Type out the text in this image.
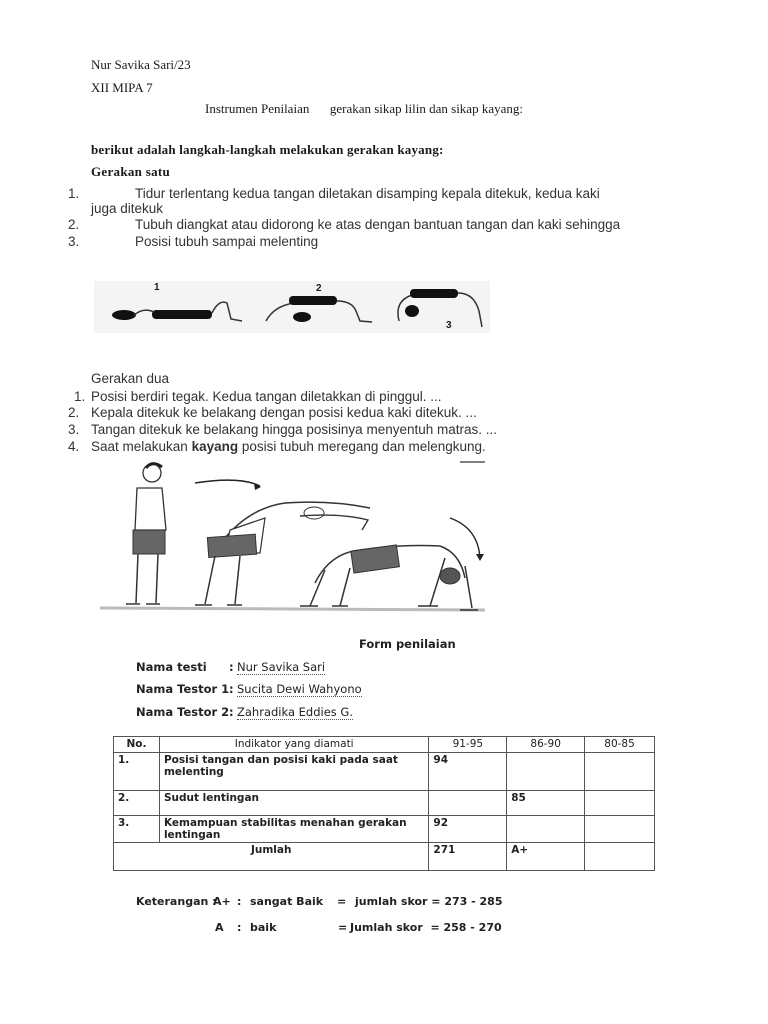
Nur Savika Sari/23
XII MIPA 7
Instrumen Penilaian gerakan sikap lilin dan sikap kayang:
berikut adalah langkah-langkah melakukan gerakan kayang:
Gerakan satu
1.	Tidur terlentang kedua tangan diletakan disamping kepala ditekuk, kedua kaki
juga ditekuk
2.	Tubuh diangkat atau didorong ke atas dengan bantuan tangan dan kaki sehingga
3.	Posisi tubuh sampai melenting
1	2
3
Gerakan dua
1. Posisi berdiri tegak. Kedua tangan diletakkan di pinggul. ...
2. Kepala ditekuk ke belakang dengan posisi kedua kaki ditekuk. ...
3. Tangan ditekuk ke belakang hingga posisinya menyentuh matras. ...
4. Saat melakukan kayang posisi tubuh meregang dan melengkung.
Form penilaian
Nama testi : Nur Savika Sari
Nama Testor 1 : Sucita Dewi Wahyono
Nama Testor 2 : Zahradika Eddies G.
No.	Indikator yang diamati	91-95	86-90	80-85
1.	Posisi tangan dan posisi kaki pada saat melenting	94		
2.	Sudut lentingan		85	
3.	Kemampuan stabilitas menahan gerakan lentingan	92		
Jumlah		271	A+	
Keterangan :
A+ : sangat Baik = jumlah skor = 273 - 285
A : baik	= Jumlah skor  = 258 - 270
